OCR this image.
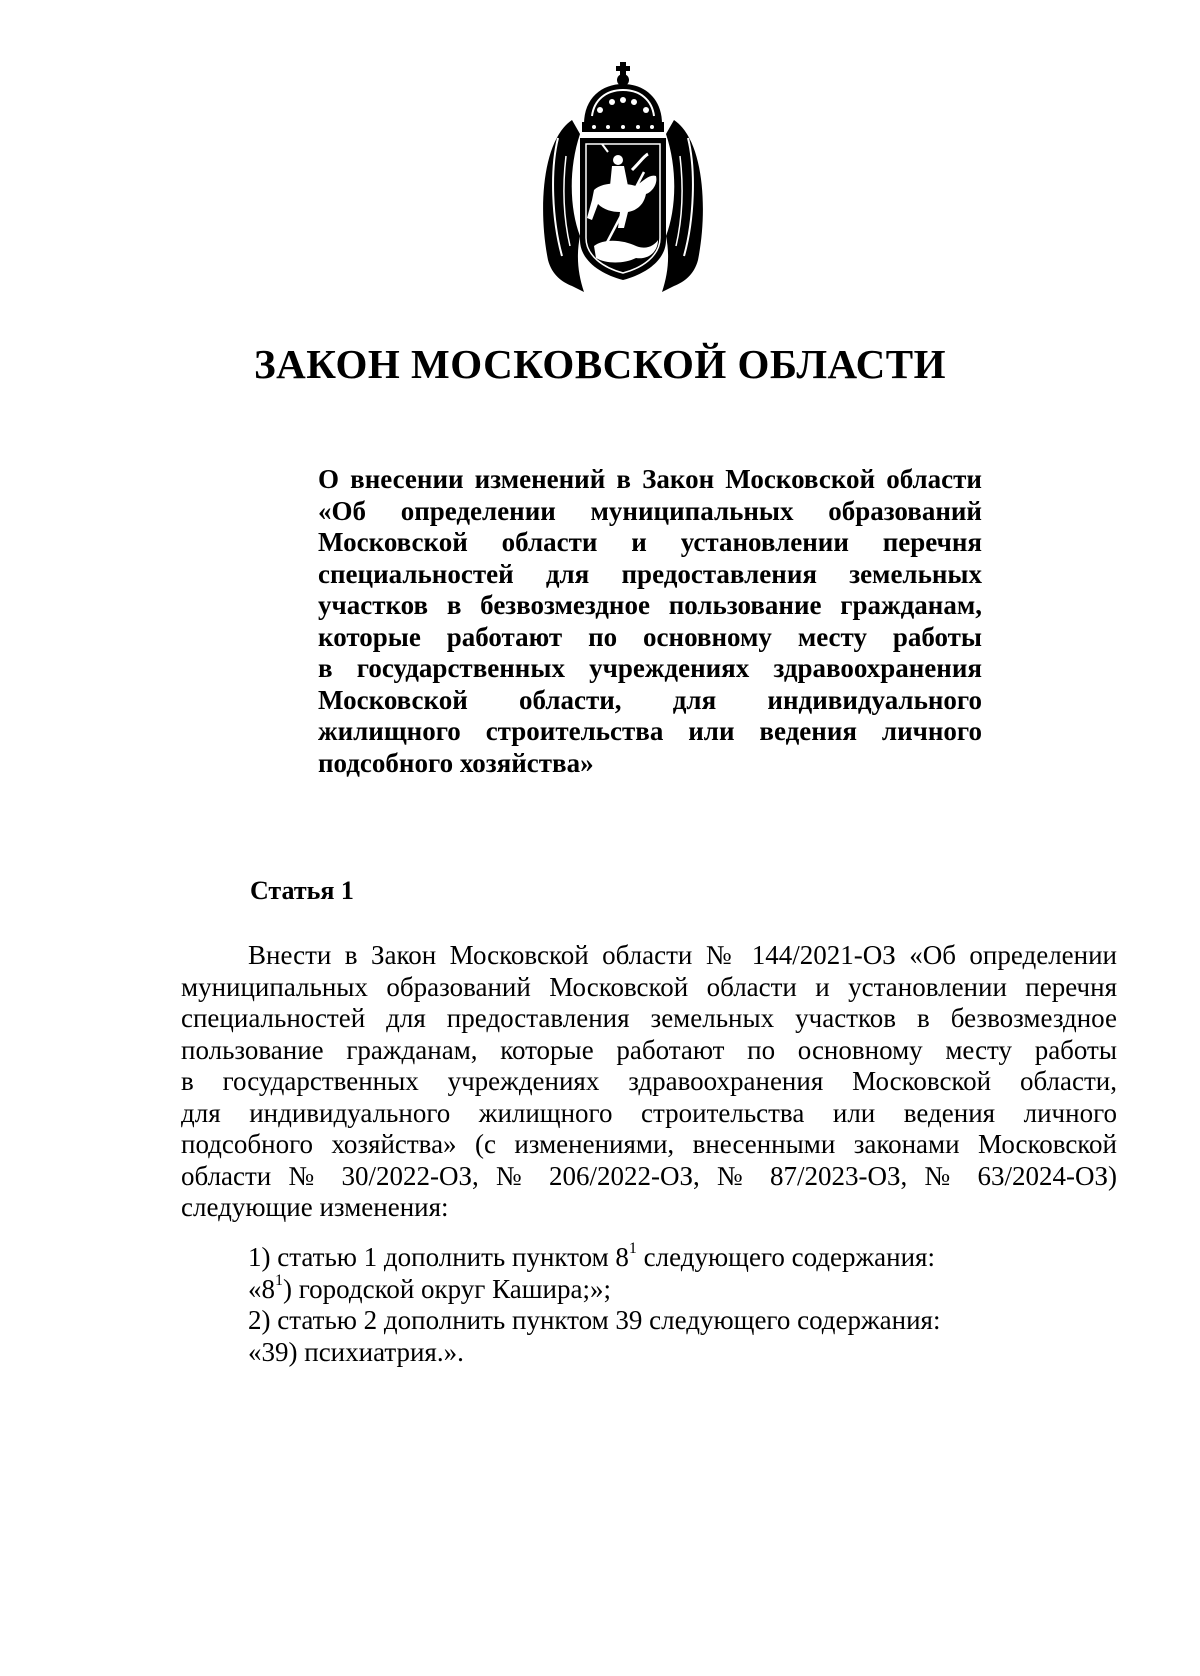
ЗАКОН МОСКОВСКОЙ ОБЛАСТИ
О внесении изменений в Закон Московской области
«Об определении муниципальных образований
Московской области и установлении перечня
специальностей для предоставления земельных
участков в безвозмездное пользование гражданам,
которые работают по основному месту работы
в государственных учреждениях здравоохранения
Московской области, для индивидуального
жилищного строительства или ведения личного
подсобного хозяйства»
Статья 1
Внести в Закон Московской области № 144/2021-ОЗ «Об определении
муниципальных образований Московской области и установлении перечня
специальностей для предоставления земельных участков в безвозмездное
пользование гражданам, которые работают по основному месту работы
в государственных учреждениях здравоохранения Московской области,
для индивидуального жилищного строительства или ведения личного
подсобного хозяйства» (с изменениями, внесенными законами Московской
области № 30/2022-ОЗ, № 206/2022-ОЗ, № 87/2023-ОЗ, № 63/2024-ОЗ)
следующие изменения:
1) статью 1 дополнить пунктом $8^1$ следующего содержания:
«$8^1$) городской округ Кашира;»;
2) статью 2 дополнить пунктом 39 следующего содержания:
«39) психиатрия.».
